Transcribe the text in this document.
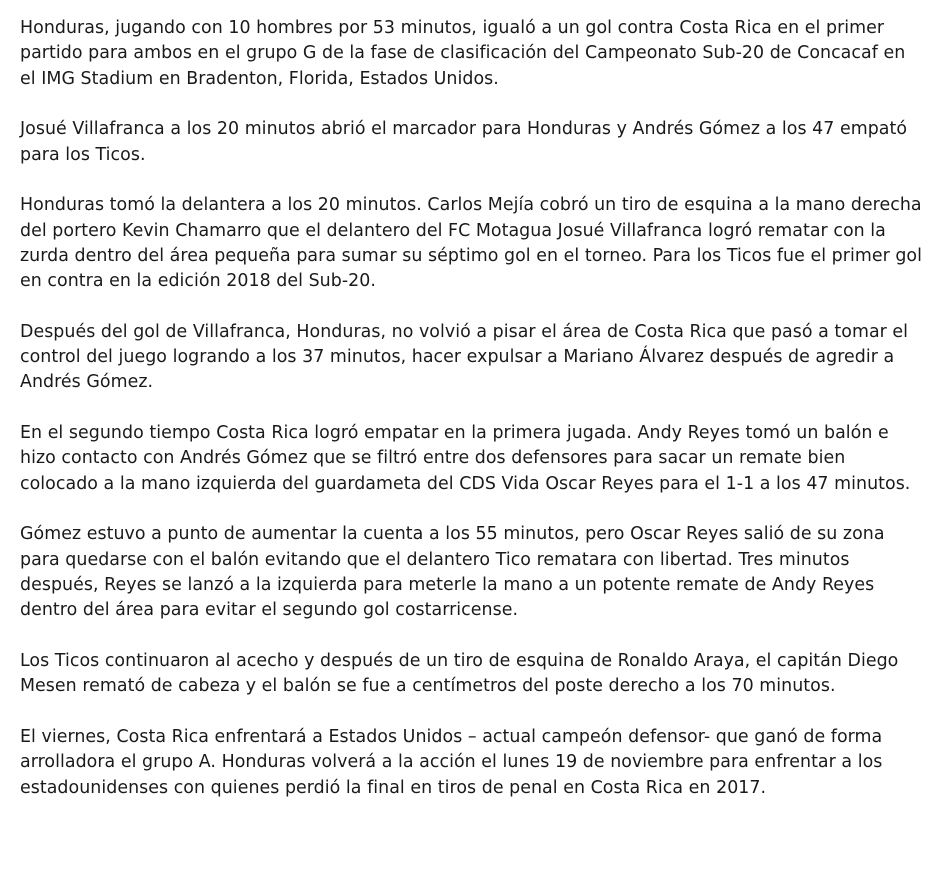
Honduras, jugando con 10 hombres por 53 minutos, igualó a un gol contra Costa Rica en el primer partido para ambos en el grupo G de la fase de clasificación del Campeonato Sub-20 de Concacaf en el IMG Stadium en Bradenton, Florida, Estados Unidos.

Josué Villafranca a los 20 minutos abrió el marcador para Honduras y Andrés Gómez a los 47 empató para los Ticos.

Honduras tomó la delantera a los 20 minutos. Carlos Mejía cobró un tiro de esquina a la mano derecha del portero Kevin Chamarro que el delantero del FC Motagua Josué Villafranca logró rematar con la zurda dentro del área pequeña para sumar su séptimo gol en el torneo. Para los Ticos fue el primer gol en contra en la edición 2018 del Sub-20.

Después del gol de Villafranca, Honduras, no volvió a pisar el área de Costa Rica que pasó a tomar el control del juego logrando a los 37 minutos, hacer expulsar a Mariano Álvarez después de agredir a Andrés Gómez.

En el segundo tiempo Costa Rica logró empatar en la primera jugada. Andy Reyes tomó un balón e hizo contacto con Andrés Gómez que se filtró entre dos defensores para sacar un remate bien colocado a la mano izquierda del guardameta del CDS Vida Oscar Reyes para el 1-1 a los 47 minutos.

Gómez estuvo a punto de aumentar la cuenta a los 55 minutos, pero Oscar Reyes salió de su zona para quedarse con el balón evitando que el delantero Tico rematara con libertad. Tres minutos después, Reyes se lanzó a la izquierda para meterle la mano a un potente remate de Andy Reyes dentro del área para evitar el segundo gol costarricense.

Los Ticos continuaron al acecho y después de un tiro de esquina de Ronaldo Araya, el capitán Diego Mesen remató de cabeza y el balón se fue a centímetros del poste derecho a los 70 minutos.

El viernes, Costa Rica enfrentará a Estados Unidos – actual campeón defensor- que ganó de forma arrolladora el grupo A. Honduras volverá a la acción el lunes 19 de noviembre para enfrentar a los estadounidenses con quienes perdió la final en tiros de penal en Costa Rica en 2017.
